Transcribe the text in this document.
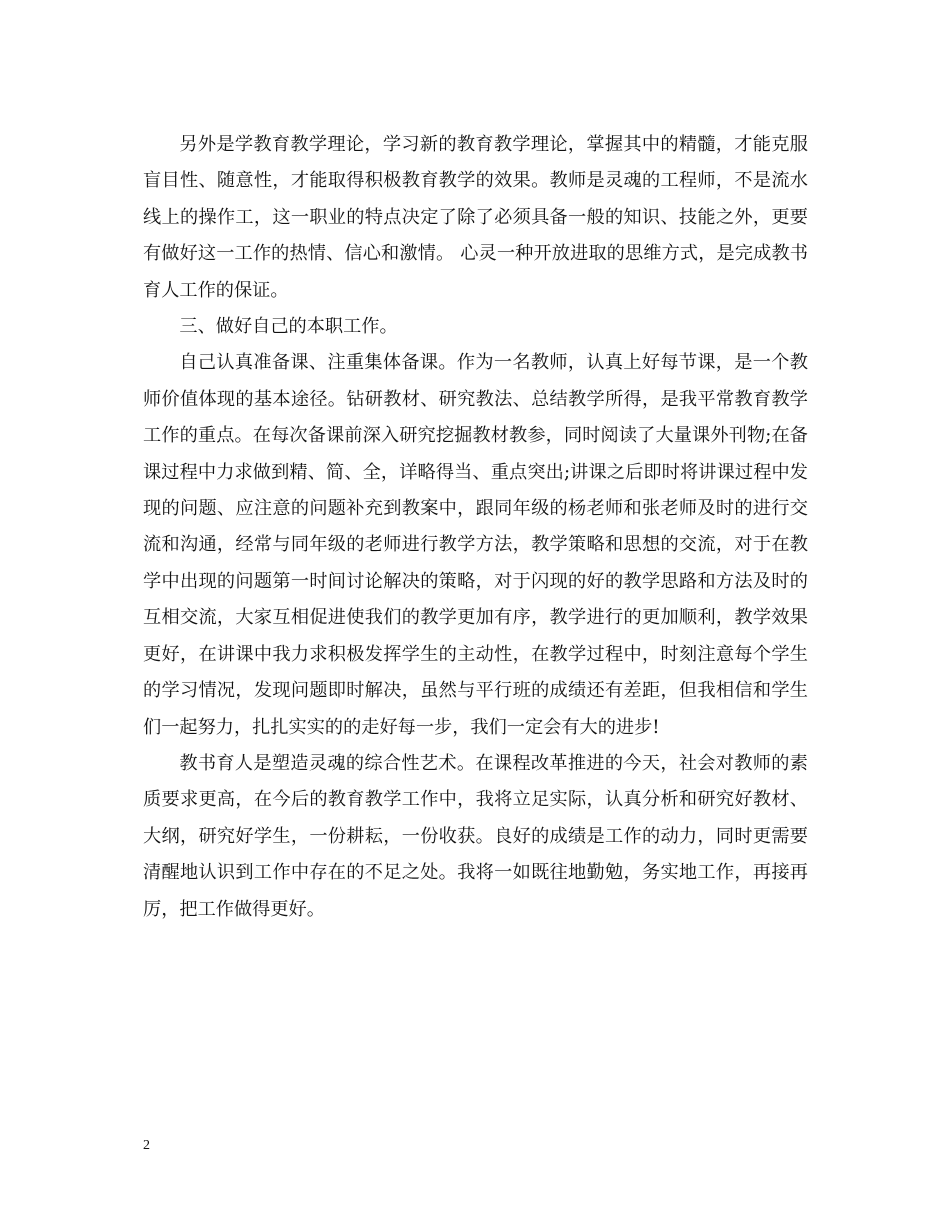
另外是学教育教学理论，学习新的教育教学理论，掌握其中的精髓，才能克服盲目性、随意性，才能取得积极教育教学的效果。教师是灵魂的工程师，不是流水线上的操作工，这一职业的特点决定了除了必须具备一般的知识、技能之外，更要有做好这一工作的热情、信心和激情。 心灵一种开放进取的思维方式，是完成教书育人工作的保证。

三、做好自己的本职工作。

自己认真准备课、注重集体备课。作为一名教师，认真上好每节课，是一个教师价值体现的基本途径。钻研教材、研究教法、总结教学所得，是我平常教育教学工作的重点。在每次备课前深入研究挖掘教材教参，同时阅读了大量课外刊物;在备课过程中力求做到精、简、全，详略得当、重点突出;讲课之后即时将讲课过程中发现的问题、应注意的问题补充到教案中，跟同年级的杨老师和张老师及时的进行交流和沟通，经常与同年级的老师进行教学方法，教学策略和思想的交流，对于在教学中出现的问题第一时间讨论解决的策略，对于闪现的好的教学思路和方法及时的互相交流，大家互相促进使我们的教学更加有序，教学进行的更加顺利，教学效果更好，在讲课中我力求积极发挥学生的主动性，在教学过程中，时刻注意每个学生的学习情况，发现问题即时解决，虽然与平行班的成绩还有差距，但我相信和学生们一起努力，扎扎实实的的走好每一步，我们一定会有大的进步!

教书育人是塑造灵魂的综合性艺术。在课程改革推进的今天，社会对教师的素质要求更高，在今后的教育教学工作中，我将立足实际，认真分析和研究好教材、大纲，研究好学生，一份耕耘，一份收获。良好的成绩是工作的动力，同时更需要清醒地认识到工作中存在的不足之处。我将一如既往地勤勉，务实地工作，再接再厉，把工作做得更好。

2
